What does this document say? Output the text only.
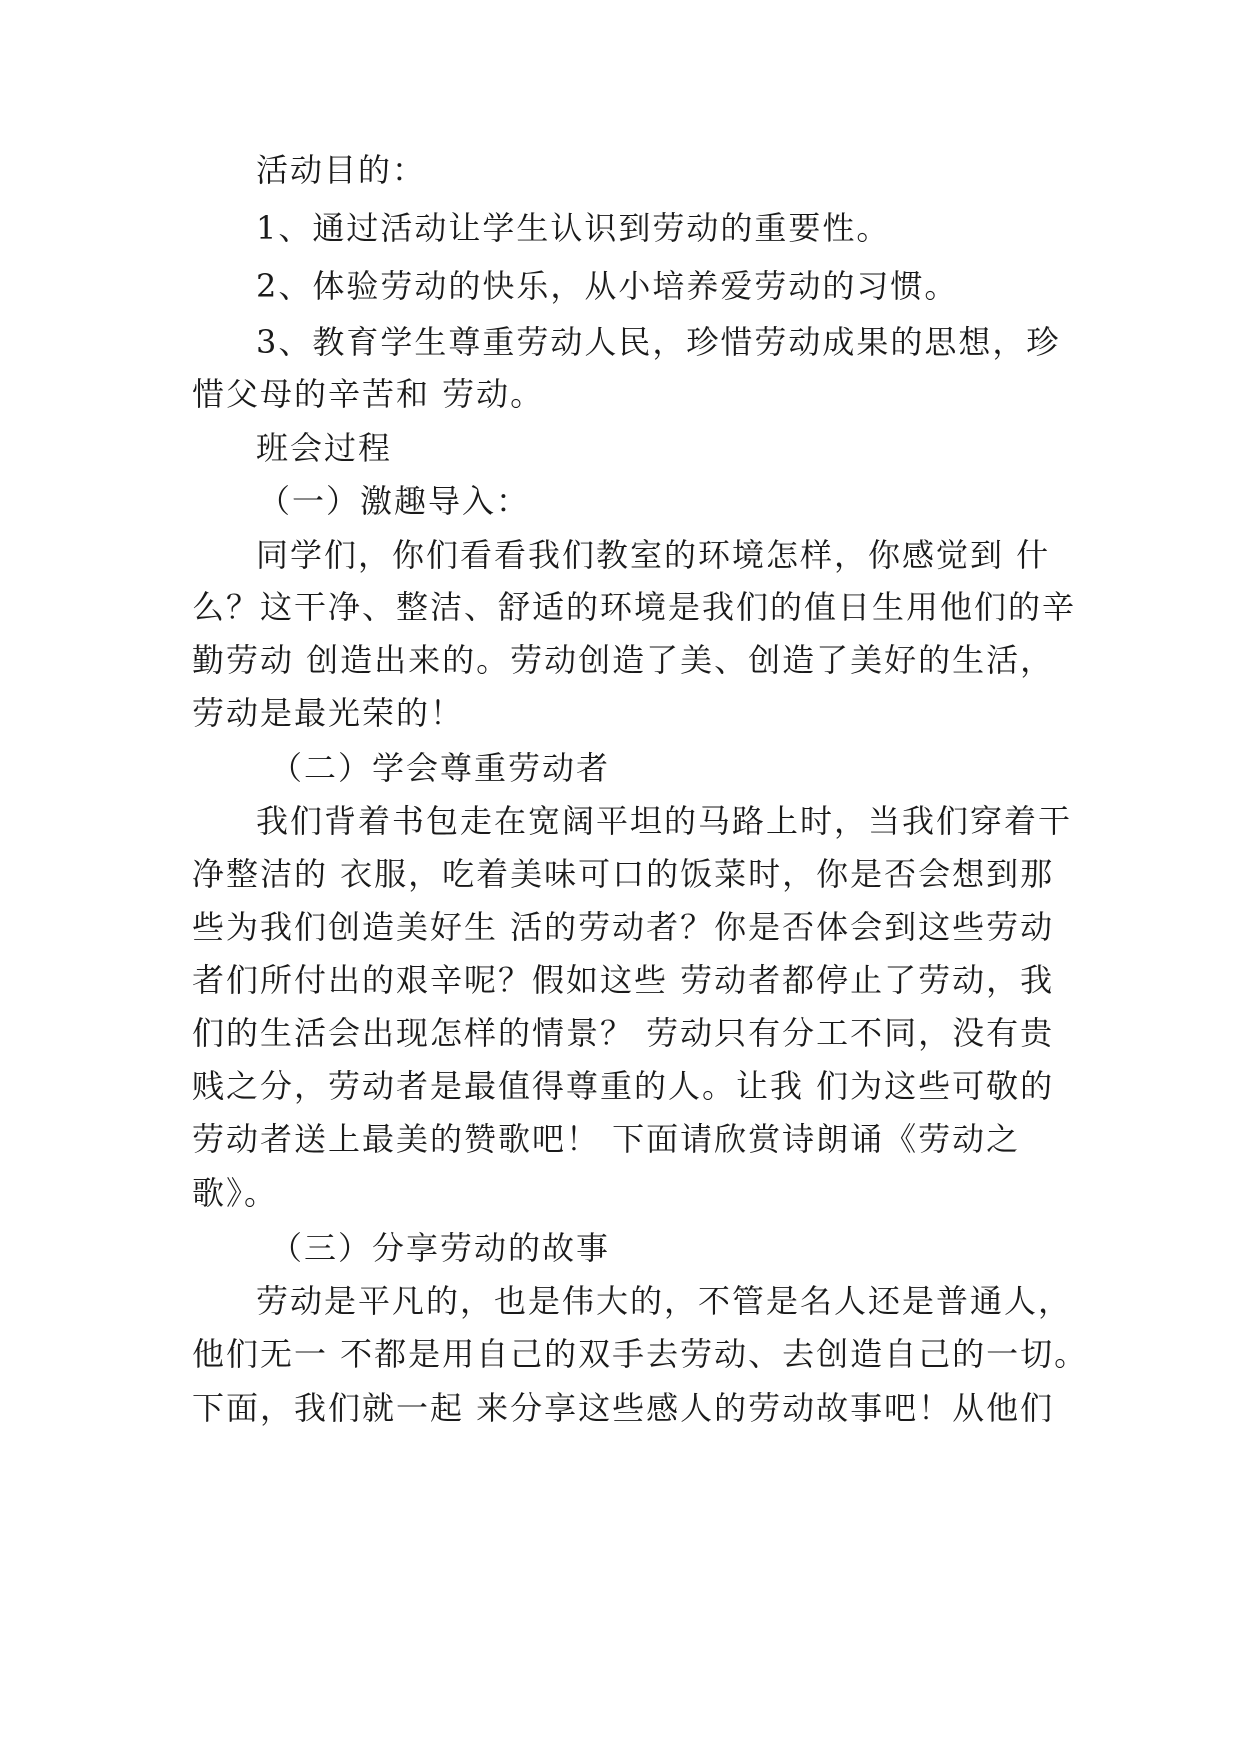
活动目的：
1、通过活动让学生认识到劳动的重要性。
2、体验劳动的快乐，从小培养爱劳动的习惯。
3、教育学生尊重劳动人民，珍惜劳动成果的思想，珍
惜父母的辛苦和 劳动。
班会过程
（一）激趣导入：
同学们，你们看看我们教室的环境怎样，你感觉到 什
么？这干净、整洁、舒适的环境是我们的值日生用他们的辛
勤劳动 创造出来的。劳动创造了美、创造了美好的生活，
劳动是最光荣的！
（二）学会尊重劳动者
我们背着书包走在宽阔平坦的马路上时，当我们穿着干
净整洁的 衣服，吃着美味可口的饭菜时，你是否会想到那
些为我们创造美好生 活的劳动者？你是否体会到这些劳动
者们所付出的艰辛呢？假如这些 劳动者都停止了劳动，我
们的生活会出现怎样的情景？ 劳动只有分工不同，没有贵
贱之分，劳动者是最值得尊重的人。让我 们为这些可敬的
劳动者送上最美的赞歌吧！ 下面请欣赏诗朗诵《劳动之
歌》。
（三）分享劳动的故事
劳动是平凡的，也是伟大的，不管是名人还是普通人，
他们无一 不都是用自己的双手去劳动、去创造自己的一切。
下面，我们就一起 来分享这些感人的劳动故事吧！从他们
